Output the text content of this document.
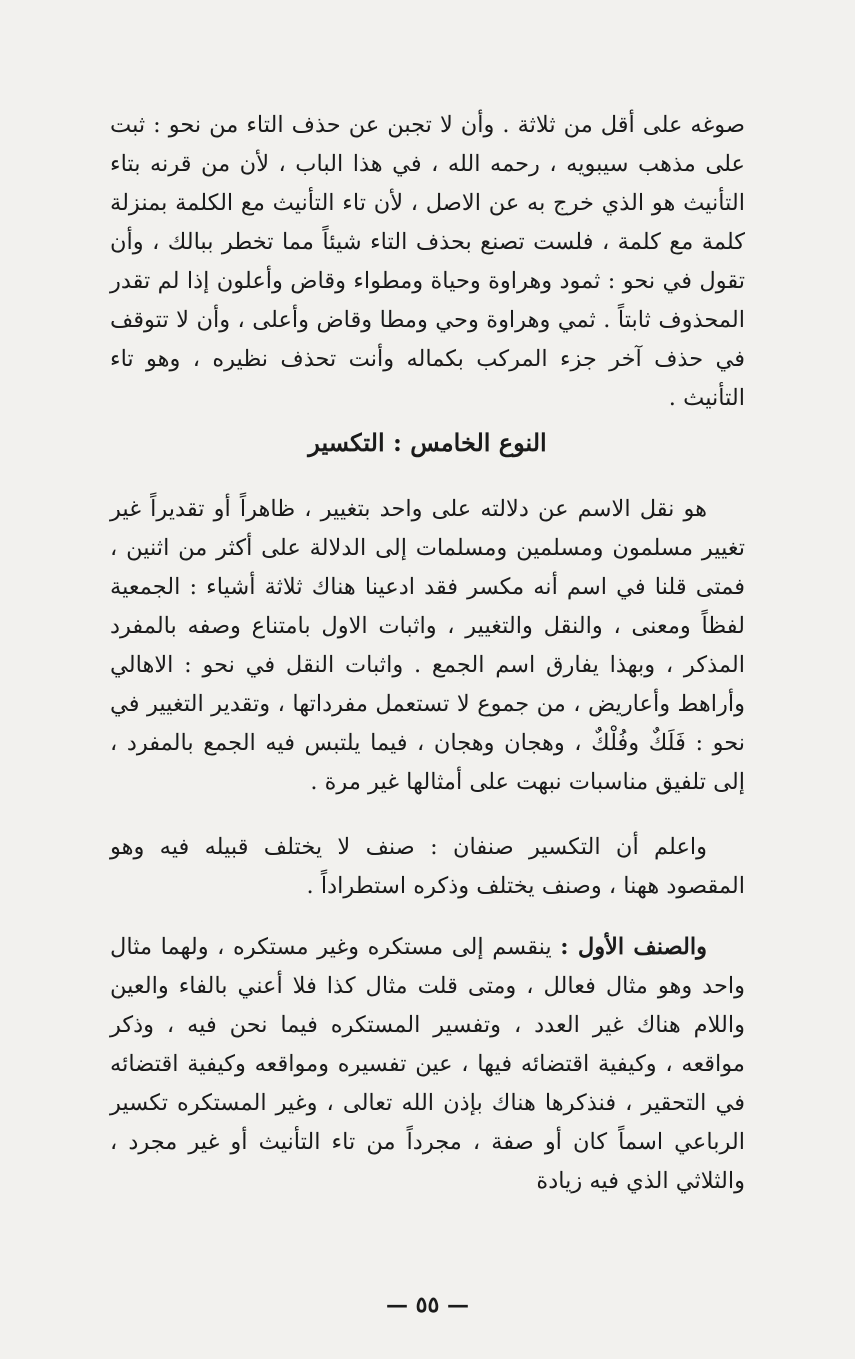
صوغه على أقل من ثلاثة . وأن لا تجبن عن حذف التاء من نحو : ثبت على مذهب سيبويه ، رحمه الله ، في هذا الباب ، لأن من قرنه بتاء التأنيث هو الذي خرج به عن الاصل ، لأن تاء التأنيث مع الكلمة بمنزلة كلمة مع كلمة ، فلست تصنع بحذف التاء شيئاً مما تخطر ببالك ، وأن تقول في نحو : ثمود وهراوة وحياة ومطواء وقاض وأعلون إذا لم تقدر المحذوف ثابتاً . ثمي وهراوة وحي ومطا وقاض وأعلى ، وأن لا تتوقف في حذف آخر جزء المركب بكماله وأنت تحذف نظيره ، وهو تاء التأنيث .

النوع الخامس : التكسير

هو نقل الاسم عن دلالته على واحد بتغيير ، ظاهراً أو تقديراً غير تغيير مسلمون ومسلمين ومسلمات إلى الدلالة على أكثر من اثنين ، فمتى قلنا في اسم أنه مكسر فقد ادعينا هناك ثلاثة أشياء : الجمعية لفظاً ومعنى ، والنقل والتغيير ، واثبات الاول بامتناع وصفه بالمفرد المذكر ، وبهذا يفارق اسم الجمع . واثبات النقل في نحو : الاهالي وأراهط وأعاريض ، من جموع لا تستعمل مفرداتها ، وتقدير التغيير في نحو : فَلَكٌ وفُلْكٌ ، وهجان وهجان ، فيما يلتبس فيه الجمع بالمفرد ، إلى تلفيق مناسبات نبهت على أمثالها غير مرة .

واعلم أن التكسير صنفان : صنف لا يختلف قبيله فيه وهو المقصود ههنا ، وصنف يختلف وذكره استطراداً .

والصنف الأول : ينقسم إلى مستكره وغير مستكره ، ولهما مثال واحد وهو مثال فعالل ، ومتى قلت مثال كذا فلا أعني بالفاء والعين واللام هناك غير العدد ، وتفسير المستكره فيما نحن فيه ، وذكر مواقعه ، وكيفية اقتضائه فيها ، عين تفسيره ومواقعه وكيفية اقتضائه في التحقير ، فنذكرها هناك بإذن الله تعالى ، وغير المستكره تكسير الرباعي اسماً كان أو صفة ، مجرداً من تاء التأنيث أو غير مجرد ، والثلاثي الذي فيه زيادة

— ٥٥ —
